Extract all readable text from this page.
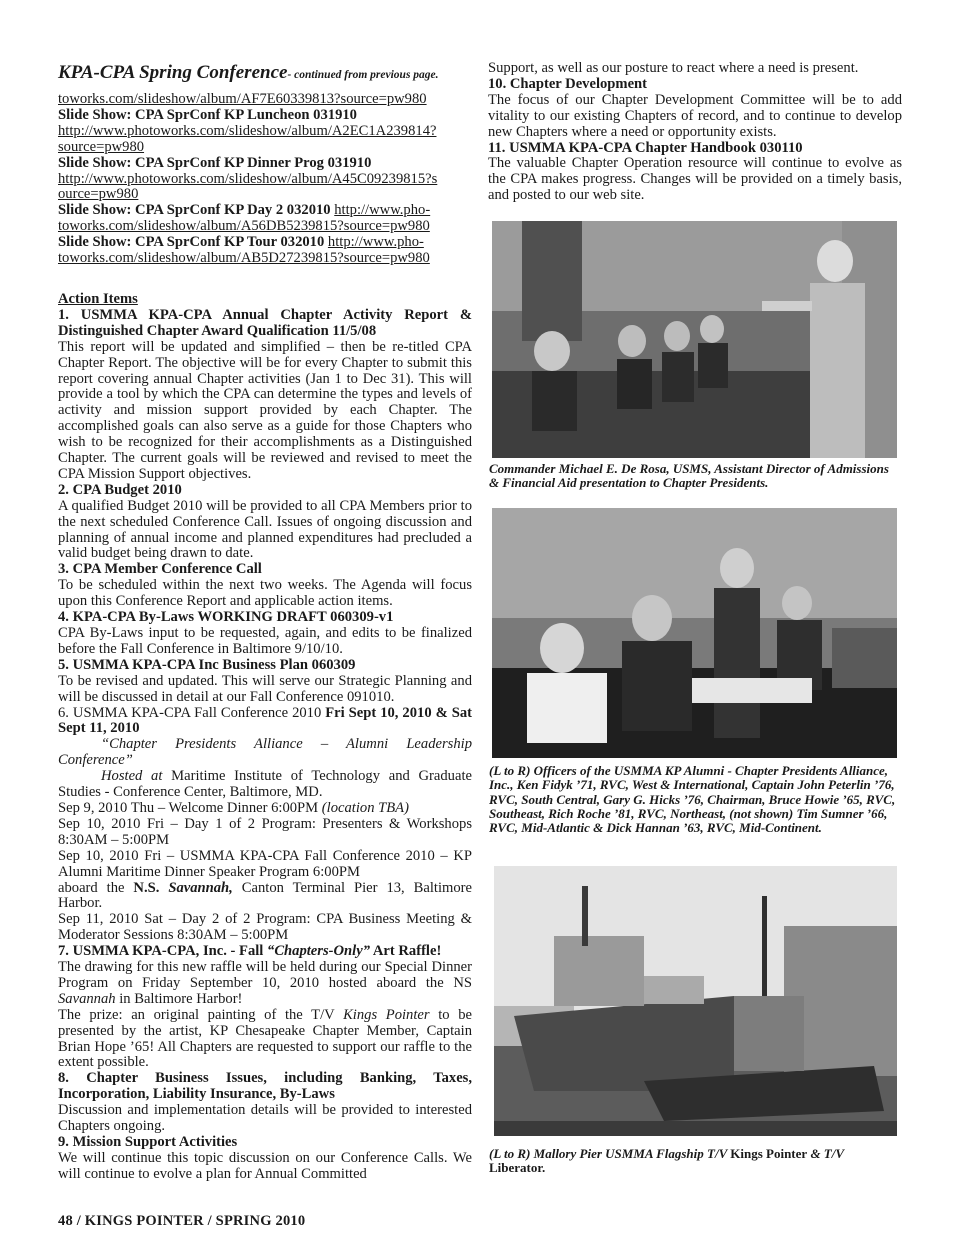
KPA-CPA Spring Conference- continued from previous page.
toworks.com/slideshow/album/AF7E60339813?source=pw980
Slide Show: CPA SprConf KP Luncheon 031910
http://www.photoworks.com/slideshow/album/A2EC1A239814?
source=pw980
Slide Show: CPA SprConf KP Dinner Prog 031910
http://www.photoworks.com/slideshow/album/A45C09239815?s
ource=pw980
Slide Show: CPA SprConf KP Day 2 032010 http://www.pho-
toworks.com/slideshow/album/A56DB5239815?source=pw980
Slide Show: CPA SprConf KP Tour 032010 http://www.pho-
toworks.com/slideshow/album/AB5D27239815?source=pw980
Action Items
1. USMMA KPA-CPA Annual Chapter Activity Report & Distinguished Chapter Award Qualification 11/5/08
This report will be updated and simplified – then be re-titled CPA Chapter Report. The objective will be for every Chapter to submit this report covering annual Chapter activities (Jan 1 to Dec 31). This will provide a tool by which the CPA can determine the types and levels of activity and mission support provided by each Chapter. The accomplished goals can also serve as a guide for those Chapters who wish to be recognized for their accomplishments as a Distinguished Chapter. The current goals will be reviewed and revised to meet the CPA Mission Support objectives.
2. CPA Budget 2010
A qualified Budget 2010 will be provided to all CPA Members prior to the next scheduled Conference Call. Issues of ongoing discussion and planning of annual income and planned expenditures had precluded a valid budget being drawn to date.
3. CPA Member Conference Call
To be scheduled within the next two weeks. The Agenda will focus upon this Conference Report and applicable action items.
4. KPA-CPA By-Laws WORKING DRAFT 060309-v1
CPA By-Laws input to be requested, again, and edits to be finalized before the Fall Conference in Baltimore 9/10/10.
5. USMMA KPA-CPA Inc Business Plan 060309
To be revised and updated. This will serve our Strategic Planning and will be discussed in detail at our Fall Conference 091010.
6. USMMA KPA-CPA Fall Conference 2010 Fri Sept 10, 2010 & Sat Sept 11, 2010
“Chapter Presidents Alliance – Alumni Leadership Conference”
Hosted at Maritime Institute of Technology and Graduate Studies - Conference Center, Baltimore, MD.
Sep 9, 2010 Thu – Welcome Dinner 6:00PM (location TBA)
Sep 10, 2010 Fri – Day 1 of 2 Program: Presenters & Workshops 8:30AM – 5:00PM
Sep 10, 2010 Fri – USMMA KPA-CPA Fall Conference 2010 – KP Alumni Maritime Dinner Speaker Program 6:00PM
aboard the N.S. Savannah, Canton Terminal Pier 13, Baltimore Harbor.
Sep 11, 2010 Sat – Day 2 of 2 Program: CPA Business Meeting & Moderator Sessions 8:30AM – 5:00PM
7. USMMA KPA-CPA, Inc. - Fall “Chapters-Only” Art Raffle!
The drawing for this new raffle will be held during our Special Dinner Program on Friday September 10, 2010 hosted aboard the NS Savannah in Baltimore Harbor!
The prize: an original painting of the T/V Kings Pointer to be presented by the artist, KP Chesapeake Chapter Member, Captain Brian Hope ’65! All Chapters are requested to support our raffle to the extent possible.
8. Chapter Business Issues, including Banking, Taxes, Incorporation, Liability Insurance, By-Laws
Discussion and implementation details will be provided to interested Chapters ongoing.
9. Mission Support Activities
We will continue this topic discussion on our Conference Calls. We will continue to evolve a plan for Annual Committed
Support, as well as our posture to react where a need is present.
10. Chapter Development
The focus of our Chapter Development Committee will be to add vitality to our existing Chapters of record, and to continue to develop new Chapters where a need or opportunity exists.
11. USMMA KPA-CPA Chapter Handbook 030110
The valuable Chapter Operation resource will continue to evolve as the CPA makes progress. Changes will be provided on a timely basis, and posted to our web site.
Commander Michael E. De Rosa, USMS, Assistant Director of Admissions & Financial Aid presentation to Chapter Presidents.
(L to R) Officers of the USMMA KP Alumni - Chapter Presidents Alliance, Inc., Ken Fidyk ’71, RVC, West & International, Captain John Peterlin ’76, RVC, South Central, Gary G. Hicks ’76, Chairman, Bruce Howie ’65, RVC, Southeast, Rich Roche ’81, RVC, Northeast, (not shown) Tim Sumner ’66, RVC, Mid-Atlantic & Dick Hannan ’63, RVC, Mid-Continent.
(L to R) Mallory Pier USMMA Flagship T/V Kings Pointer & T/V
Liberator.
48 / KINGS POINTER / SPRING 2010
